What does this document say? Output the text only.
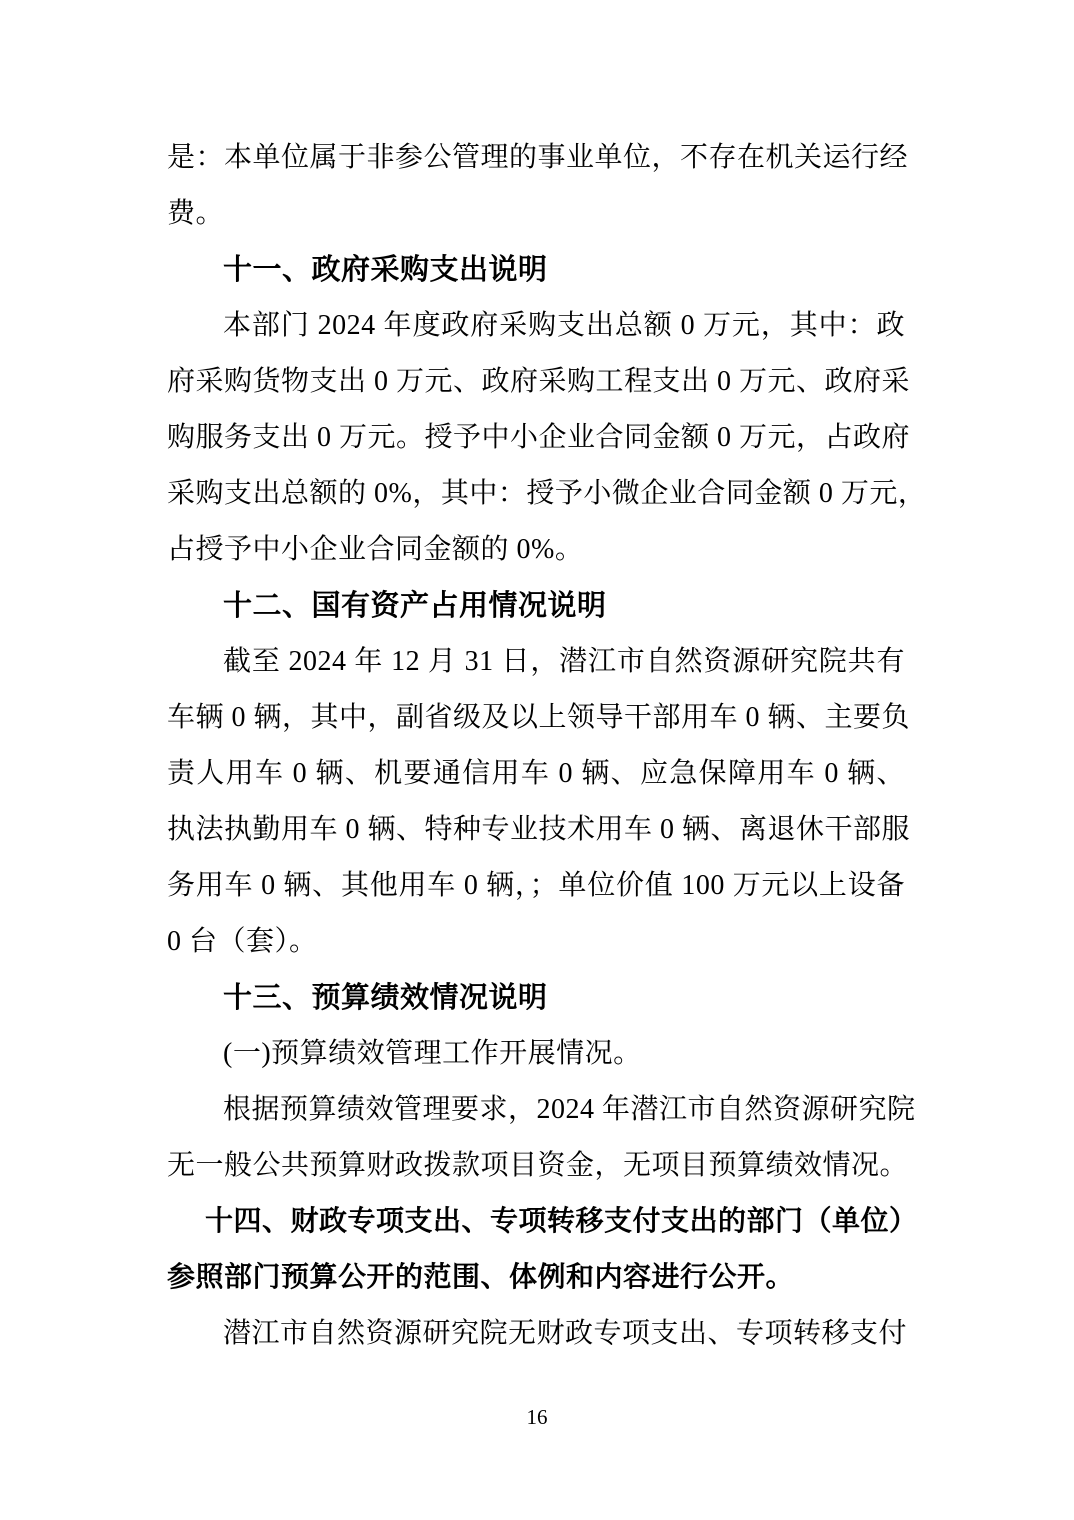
是：本单位属于非参公管理的事业单位，不存在机关运行经
费。
十一、政府采购支出说明
本部门 2024 年度政府采购支出总额 0 万元，其中：政
府采购货物支出 0 万元、政府采购工程支出 0 万元、政府采
购服务支出 0 万元。授予中小企业合同金额 0 万元，占政府
采购支出总额的 0%，其中：授予小微企业合同金额 0 万元，
占授予中小企业合同金额的 0%。
十二、国有资产占用情况说明
截至 2024 年 12 月 31 日，潜江市自然资源研究院共有
车辆 0 辆，其中，副省级及以上领导干部用车 0 辆、主要负
责人用车 0 辆、机要通信用车 0 辆、应急保障用车 0 辆、
执法执勤用车 0 辆、特种专业技术用车 0 辆、离退休干部服
务用车 0 辆、其他用车 0 辆，；单位价值 100 万元以上设备
0 台（套）。
十三、预算绩效情况说明
(一)预算绩效管理工作开展情况。
根据预算绩效管理要求，2024 年潜江市自然资源研究院
无一般公共预算财政拨款项目资金，无项目预算绩效情况。
十四、财政专项支出、专项转移支付支出的部门（单位）
参照部门预算公开的范围、体例和内容进行公开。
潜江市自然资源研究院无财政专项支出、专项转移支付
16
